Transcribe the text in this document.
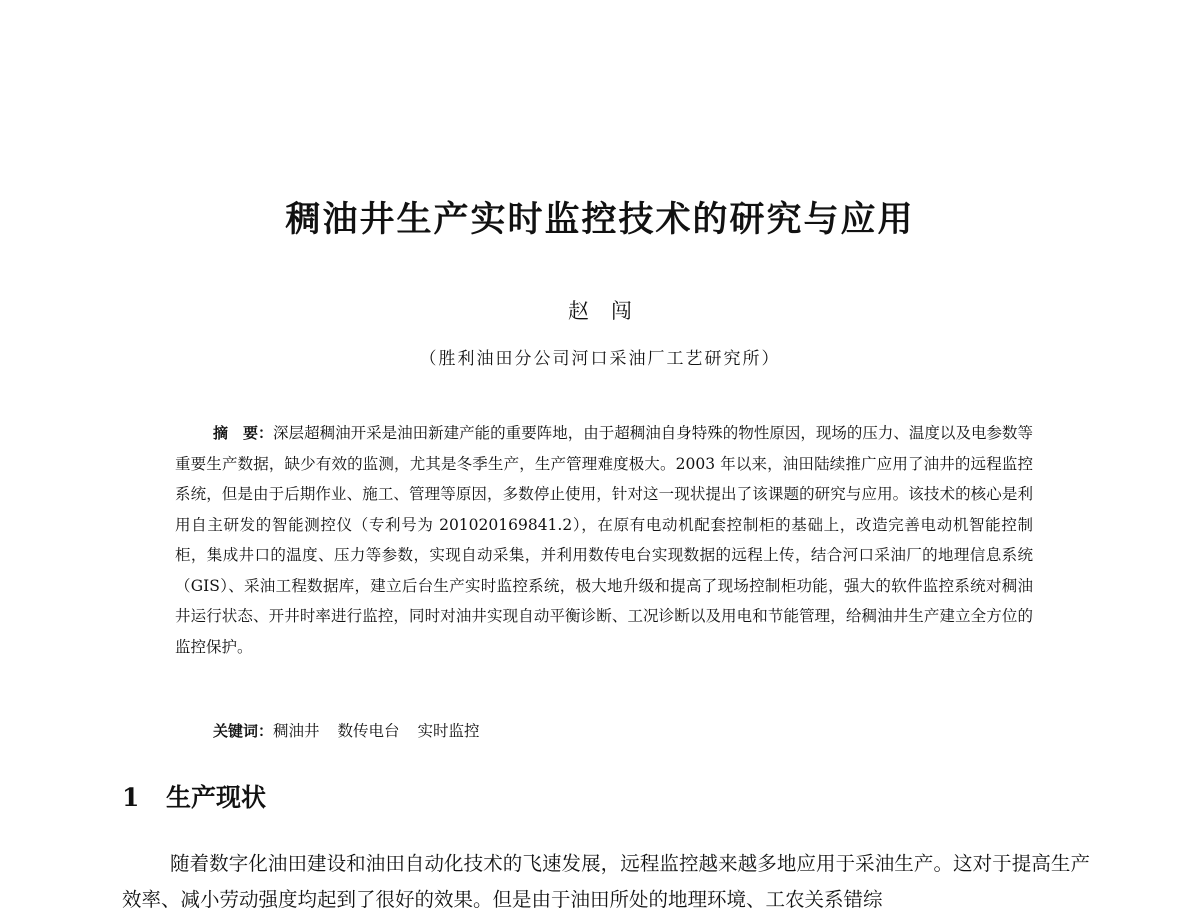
稠油井生产实时监控技术的研究与应用
赵闯
（胜利油田分公司河口采油厂工艺研究所）
摘　要：深层超稠油开采是油田新建产能的重要阵地，由于超稠油自身特殊的物性原因，现场的压力、温度以及电参数等重要生产数据，缺少有效的监测，尤其是冬季生产，生产管理难度极大。2003 年以来，油田陆续推广应用了油井的远程监控系统，但是由于后期作业、施工、管理等原因，多数停止使用，针对这一现状提出了该课题的研究与应用。该技术的核心是利用自主研发的智能测控仪（专利号为 201020169841.2），在原有电动机配套控制柜的基础上，改造完善电动机智能控制柜，集成井口的温度、压力等参数，实现自动采集，并利用数传电台实现数据的远程上传，结合河口采油厂的地理信息系统（GIS）、采油工程数据库，建立后台生产实时监控系统，极大地升级和提高了现场控制柜功能，强大的软件监控系统对稠油井运行状态、开井时率进行监控，同时对油井实现自动平衡诊断、工况诊断以及用电和节能管理，给稠油井生产建立全方位的监控保护。
关键词：稠油井 数传电台 实时监控
1 生产现状
随着数字化油田建设和油田自动化技术的飞速发展，远程监控越来越多地应用于采油生产。这对于提高生产效率、减小劳动强度均起到了很好的效果。但是由于油田所处的地理环境、工农关系错综
